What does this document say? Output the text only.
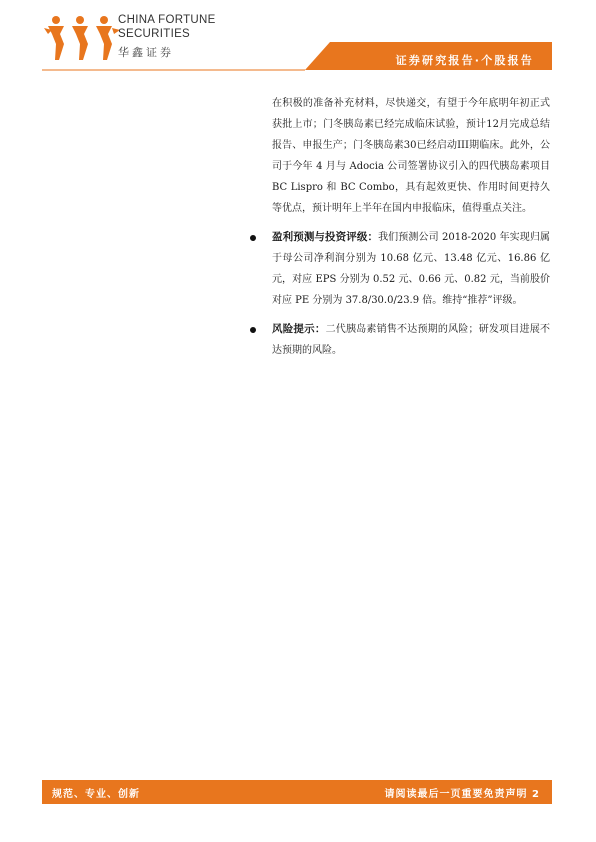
CHINA FORTUNE
SECURITIES
华鑫证券
证券研究报告·个股报告

在积极的准备补充材料，尽快递交，有望于今年底明年初正式获批上市；门冬胰岛素已经完成临床试验，预计12月完成总结报告、申报生产；门冬胰岛素30已经启动III期临床。此外，公司于今年 4 月与 Adocia 公司签署协议引入的四代胰岛素项目 BC Lispro 和 BC Combo，具有起效更快、作用时间更持久等优点，预计明年上半年在国内申报临床，值得重点关注。

盈利预测与投资评级：我们预测公司 2018-2020 年实现归属于母公司净利润分别为 10.68 亿元、13.48 亿元、16.86 亿元，对应 EPS 分别为 0.52 元、0.66 元、0.82 元，当前股价对应 PE 分别为 37.8/30.0/23.9 倍。维持“推荐”评级。

风险提示：二代胰岛素销售不达预期的风险；研发项目进展不达预期的风险。

规范、专业、创新	请阅读最后一页重要免责声明 2
